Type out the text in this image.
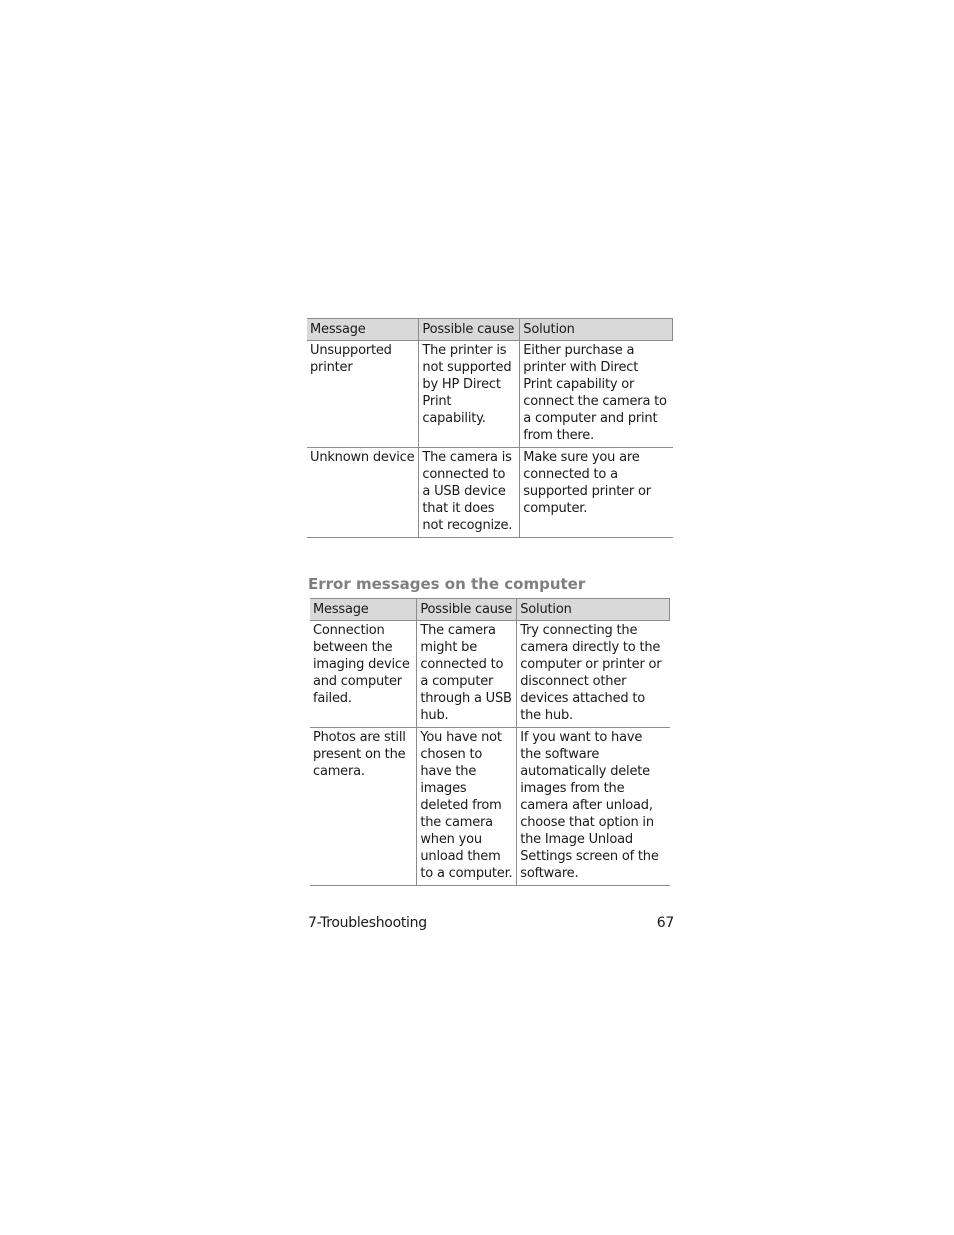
Message	Possible cause	Solution
Unsupported printer	The printer is not supported by HP Direct Print capability.	Either purchase a printer with Direct Print capability or connect the camera to a computer and print from there.
Unknown device	The camera is connected to a USB device that it does not recognize.	Make sure you are connected to a supported printer or computer.
Error messages on the computer
Message	Possible cause	Solution
Connection between the imaging device and computer failed.	The camera might be connected to a computer through a USB hub.	Try connecting the camera directly to the computer or printer or disconnect other devices attached to the hub.
Photos are still present on the camera.	You have not chosen to have the images deleted from the camera when you unload them to a computer.	If you want to have the software automatically delete images from the camera after unload, choose that option in the Image Unload Settings screen of the software.
7-Troubleshooting	67
